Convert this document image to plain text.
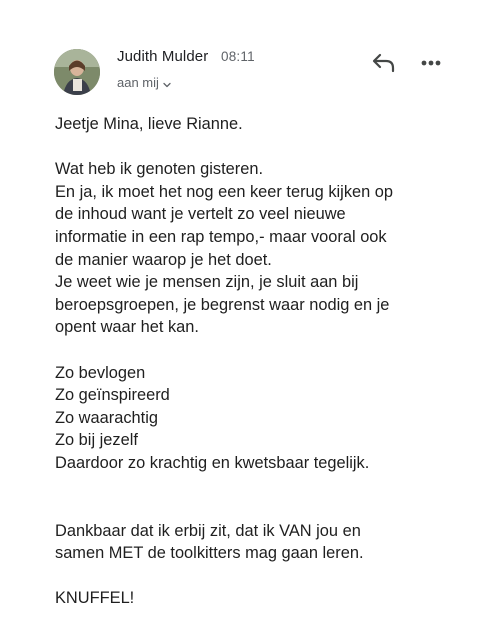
Judith Mulder 08:11
aan mij

Jeetje Mina, lieve Rianne.

Wat heb ik genoten gisteren.

En ja, ik moet het nog een keer terug kijken op

de inhoud want je vertelt zo veel nieuwe

informatie in een rap tempo,- maar vooral ook

de manier waarop je het doet.

Je weet wie je mensen zijn, je sluit aan bij

beroepsgroepen, je begrenst waar nodig en je

opent waar het kan.

Zo bevlogen

Zo geïnspireerd

Zo waarachtig

Zo bij jezelf

Daardoor zo krachtig en kwetsbaar tegelijk.

Dankbaar dat ik erbij zit, dat ik VAN jou en

samen MET de toolkitters mag gaan leren.

KNUFFEL!
